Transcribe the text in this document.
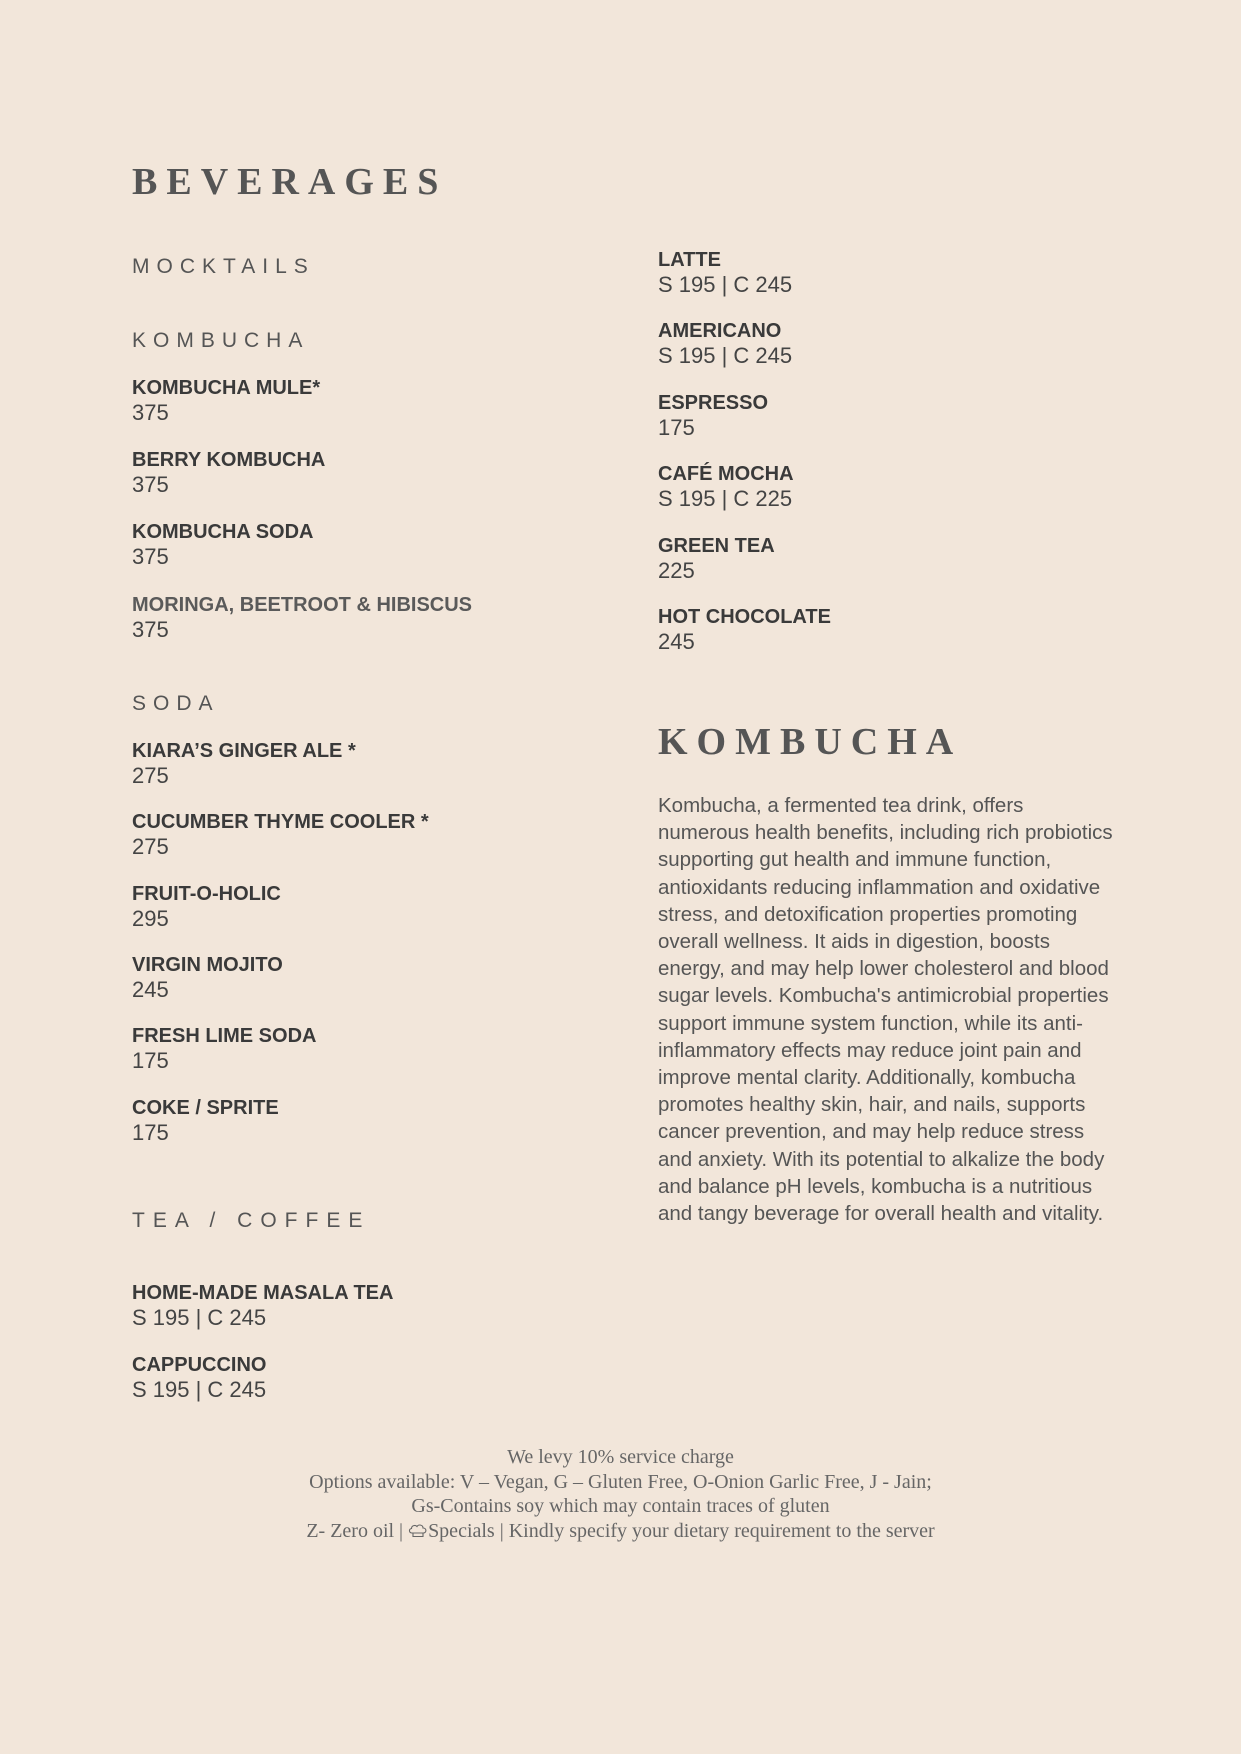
BEVERAGES
MOCKTAILS
KOMBUCHA
KOMBUCHA MULE*
375
BERRY KOMBUCHA
375
KOMBUCHA SODA
375
MORINGA, BEETROOT & HIBISCUS
375
SODA
KIARA’S GINGER ALE *
275
CUCUMBER THYME COOLER *
275
FRUIT-O-HOLIC
295
VIRGIN MOJITO
245
FRESH LIME SODA
175
COKE / SPRITE
175
TEA / COFFEE
HOME-MADE MASALA TEA
S 195 | C 245
CAPPUCCINO
S 195 | C 245
LATTE
S 195 | C 245
AMERICANO
S 195 | C 245
ESPRESSO
175
CAFÉ MOCHA
S 195 | C 225
GREEN TEA
225
HOT CHOCOLATE
245
KOMBUCHA

Kombucha, a fermented tea drink, offers numerous health benefits, including rich probiotics supporting gut health and immune function, antioxidants reducing inflammation and oxidative stress, and detoxification properties promoting overall wellness. It aids in digestion, boosts energy, and may help lower cholesterol and blood sugar levels. Kombucha's antimicrobial properties support immune system function, while its anti-inflammatory effects may reduce joint pain and improve mental clarity. Additionally, kombucha promotes healthy skin, hair, and nails, supports cancer prevention, and may help reduce stress and anxiety. With its potential to alkalize the body and balance pH levels, kombucha is a nutritious and tangy beverage for overall health and vitality.

We levy 10% service charge
Options available: V – Vegan, G – Gluten Free, O-Onion Garlic Free, J - Jain;
Gs-Contains soy which may contain traces of gluten
Z- Zero oil | Specials | Kindly specify your dietary requirement to the server
